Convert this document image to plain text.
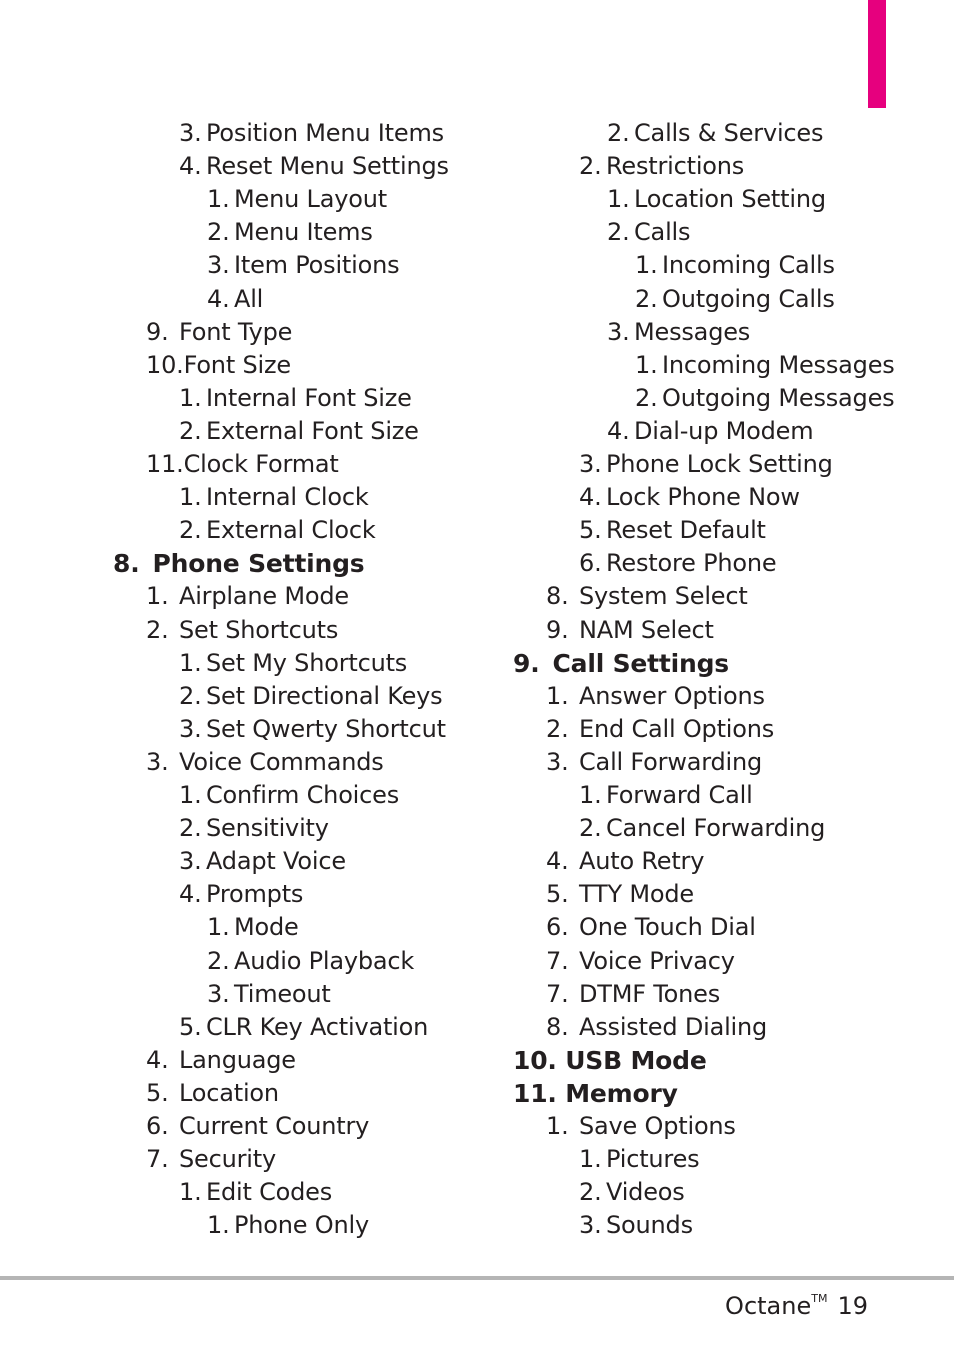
3. Position Menu Items
4. Reset Menu Settings
1. Menu Layout
2. Menu Items
3. Item Positions
4. All
9. Font Type
10.Font Size
1. Internal Font Size
2. External Font Size
11.Clock Format
1. Internal Clock
2. External Clock
8. Phone Settings
1. Airplane Mode
2. Set Shortcuts
1. Set My Shortcuts
2. Set Directional Keys
3. Set Qwerty Shortcut
3. Voice Commands
1. Confirm Choices
2. Sensitivity
3. Adapt Voice
4. Prompts
1. Mode
2. Audio Playback
3. Timeout
5. CLR Key Activation
4. Language
5. Location
6. Current Country
7. Security
1. Edit Codes
1. Phone Only
2. Calls & Services
2. Restrictions
1. Location Setting
2. Calls
1. Incoming Calls
2. Outgoing Calls
3. Messages
1. Incoming Messages
2. Outgoing Messages
4. Dial-up Modem
3. Phone Lock Setting
4. Lock Phone Now
5. Reset Default
6. Restore Phone
8. System Select
9. NAM Select
9. Call Settings
1. Answer Options
2. End Call Options
3. Call Forwarding
1. Forward Call
2. Cancel Forwarding
4. Auto Retry
5. TTY Mode
6. One Touch Dial
7. Voice Privacy
7. DTMF Tones
8. Assisted Dialing
10. USB Mode
11. Memory
1. Save Options
1. Pictures
2. Videos
3. Sounds
Octane™ 19
